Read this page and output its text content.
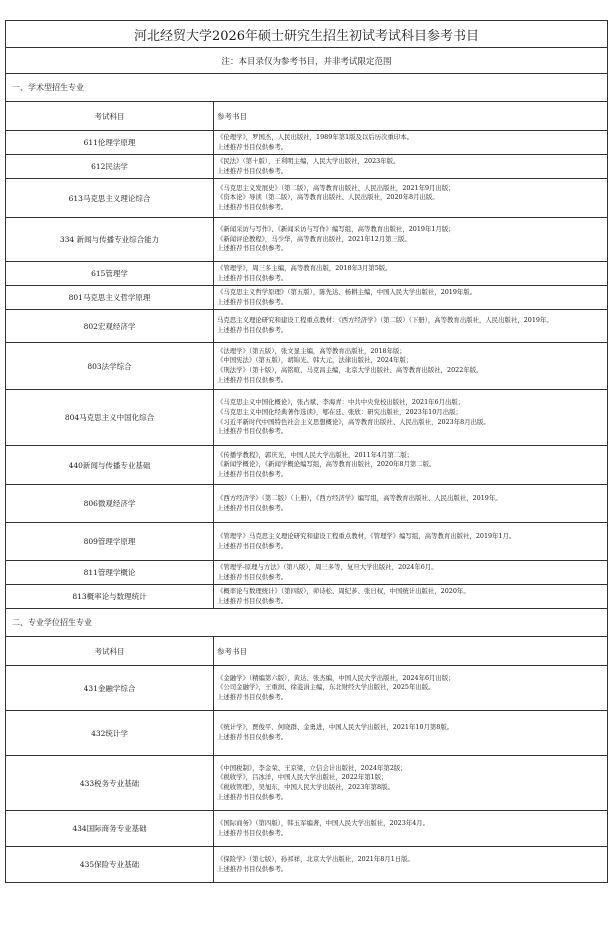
河北经贸大学2026年硕士研究生招生初试考试科目参考书目	
注：本目录仅为参考书目，并非考试限定范围	
一、学术型招生专业	
考试科目	参考书目
611伦理学原理	《伦理学》，罗国杰，人民出版社，1989年第1版及以后历次重印本。
上述推荐书目仅供参考。
612民法学	《民法》（第十版），王利明主编，人民大学出版社，2023年版。
上述推荐书目仅供参考。
613马克思主义理论综合	《马克思主义发展史》（第二版），高等教育出版社、人民出版社，2021年9月出版；
《资本论》导读（第二版），高等教育出版社、人民出版社，2020年8月出版。
上述推荐书目仅供参考。
334 新闻与传播专业综合能力	《新闻采访与写作》、《新闻采访与写作》编写组，高等教育出版社，2019年1月版；
《新闻评论教程》，马少华，高等教育出版社，2021年12月第三版。
上述推荐书目仅供参考。
615管理学	《管理学》，周三多主编，高等教育出版，2018年3月第5版。
上述推荐书目仅供参考。
801马克思主义哲学原理	《马克思主义哲学原理》（第五版），陈先达、杨耕主编，中国人民大学出版社，2019年版。
上述推荐书目仅供参考。
802宏观经济学	马克思主义理论研究和建设工程重点教材：《西方经济学》（第二版）（下册），高等教育出版社，人民出版社，2019年。
上述推荐书目仅供参考。
803法学综合	《法理学》（第五版），张文显主编，高等教育出版社，2018年版；
《中国宪法》（第五版），胡锦光、韩大元，法律出版社，2024年版；
《刑法学》（第十版），高铭暄、马克昌主编，北京大学出版社、高等教育出版社，2022年版。
上述推荐书目仅供参考。
804马克思主义中国化综合	《马克思主义中国化概论》，张占斌、李海青：中共中央党校出版社，2021年6月出版；
《马克思主义中国化经典著作选读》，郇在廷、张欣：研究出版社，2023年10月出版；
《习近平新时代中国特色社会主义思想概论》，高等教育出版社、人民出版社，2023年8月出版。
上述推荐书目仅供参考。
440新闻与传播专业基础	《传播学教程》，郭庆光，中国人民大学出版社，2011年4月第二版；
《新闻学概论》，《新闻学概论编写组，高等教育出版社，2020年8月第二版。
上述推荐书目仅供参考。
806微观经济学	《西方经济学》（第二版）（上册），《西方经济学》编写组，高等教育出版社、人民出版社，2019年。
上述推荐书目仅供参考。
809管理学原理	《管理学》马克思主义理论研究和建设工程重点教材，《管理学》编写组，高等教育出版社，2019年1月。
上述推荐书目仅供参考。
811管理学概论	《管理学-原理与方法》（第八版），周三多等，复旦大学出版社，2024年6月。
上述推荐书目仅供参考。
813概率论与数理统计	《概率论与数理统计》（第四版），茆诗松、周纪芗、张日权，中国统计出版社，2020年。
上述推荐书目仅供参考。
二、专业学位招生专业	
考试科目	参考书目
431金融学综合	《金融学》（精编第六版），黄达、张杰编，中国人民大学出版社，2024年6月出版；
《公司金融学》，王重润、徐菱涓主编，东北财经大学出版社，2025年出版。
上述推荐书目仅供参考。
432统计学	《统计学》，贾俊平、何晓群、金勇进，中国人民大学出版社，2021年10月第8版。
上述推荐书目仅供参考。
433税务专业基础	《中国税制》，李金荣、王京梁，立信会计出版社，2024年第2版；
《税收学》，吕冰洋，中国人民大学出版社，2022年第1版；
《税收管理》，吴旭东，中国人民大学出版社，2023年第8版。
上述推荐书目仅供参考。
434国际商务专业基础	《国际商务》（第四版），韩玉军编著，中国人民大学出版社，2023年4月。
上述推荐书目仅供参考。
435保险专业基础	《保险学》（第七版），孙祁祥，北京大学出版社，2021年8月1日版。
上述推荐书目仅供参考。
